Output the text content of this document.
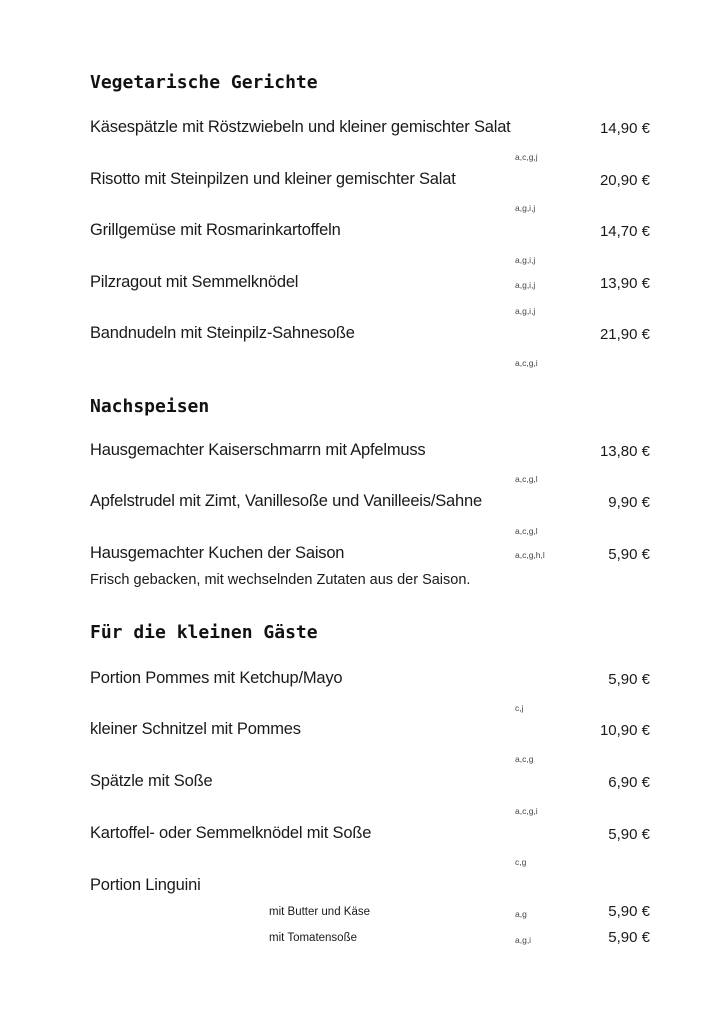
Vegetarische Gerichte
Käsespätzle mit Röstzwiebeln und kleiner gemischter Salat	14,90 €
a,c,g,j
Risotto mit Steinpilzen und kleiner gemischter Salat	20,90 €
a,g,i,j
Grillgemüse mit Rosmarinkartoffeln	14,70 €
a,g,i,j
Pilzragout mit Semmelknödel	a,g,i,j	13,90 €
a,g,i,j
Bandnudeln mit Steinpilz-Sahnesoße	21,90 €
a,c,g,i
Nachspeisen
Hausgemachter Kaiserschmarrn mit Apfelmuss	13,80 €
a,c,g,l
Apfelstrudel mit Zimt, Vanillesoße und Vanilleeis/Sahne	9,90 €
a,c,g,l
Hausgemachter Kuchen der Saison	a,c,g,h,l	5,90 €
Frisch gebacken, mit wechselnden Zutaten aus der Saison.
Für die kleinen Gäste
Portion Pommes mit Ketchup/Mayo	5,90 €
c,j
kleiner Schnitzel mit Pommes	10,90 €
a,c,g
Spätzle mit Soße	6,90 €
a,c,g,i
Kartoffel- oder Semmelknödel mit Soße	5,90 €
c,g
Portion Linguini
mit Butter und Käse	a,g	5,90 €
mit Tomatensoße	a,g,i	5,90 €
